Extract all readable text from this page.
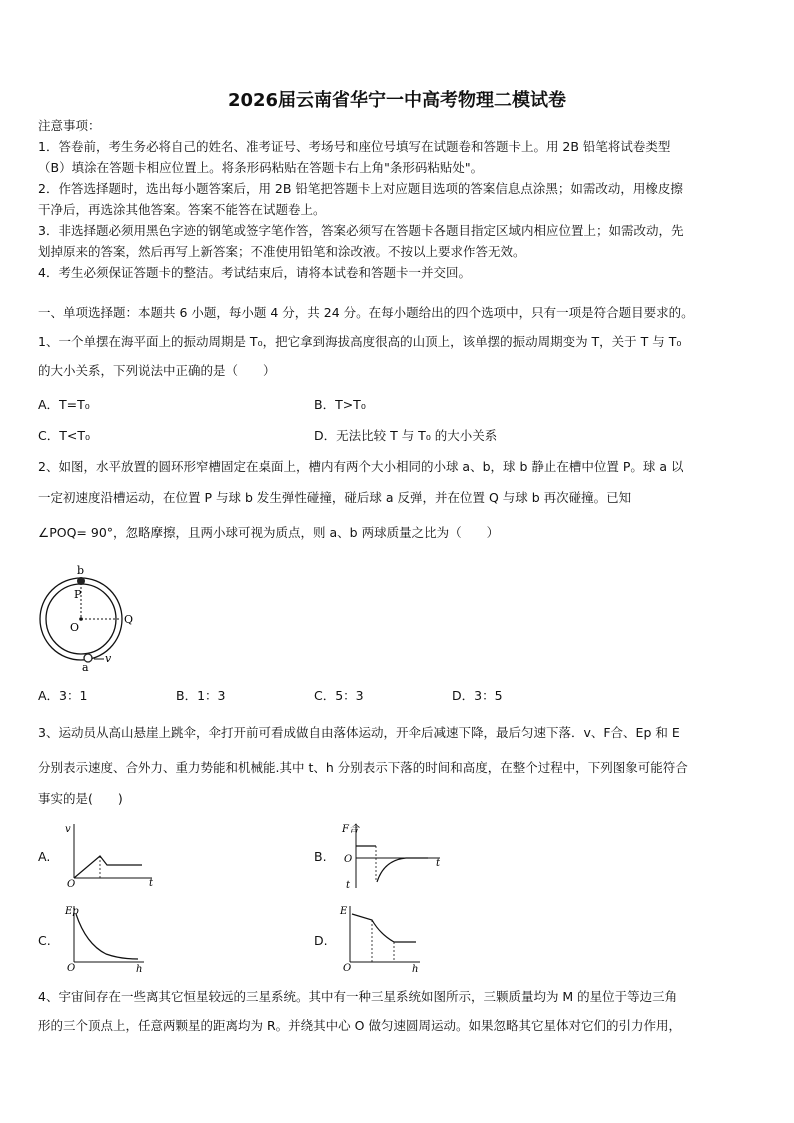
2026届云南省华宁一中高考物理二模试卷
注意事项：
1．答卷前，考生务必将自己的姓名、准考证号、考场号和座位号填写在试题卷和答题卡上。用 2B 铅笔将试卷类型
（B）填涂在答题卡相应位置上。将条形码粘贴在答题卡右上角"条形码粘贴处"。
2．作答选择题时，选出每小题答案后，用 2B 铅笔把答题卡上对应题目选项的答案信息点涂黑；如需改动，用橡皮擦
干净后，再选涂其他答案。答案不能答在试题卷上。
3．非选择题必须用黑色字迹的钢笔或签字笔作答，答案必须写在答题卡各题目指定区域内相应位置上；如需改动，先
划掉原来的答案，然后再写上新答案；不准使用铅笔和涂改液。不按以上要求作答无效。
4．考生必须保证答题卡的整洁。考试结束后，请将本试卷和答题卡一并交回。
一、单项选择题：本题共 6 小题，每小题 4 分，共 24 分。在每小题给出的四个选项中，只有一项是符合题目要求的。
1、一个单摆在海平面上的振动周期是 T₀，把它拿到海拔高度很高的山顶上，该单摆的振动周期变为 T，关于 T 与 T₀
的大小关系，下列说法中正确的是（　　）
A．T=T₀	B．T>T₀
C．T<T₀	D．无法比较 T 与 T₀ 的大小关系
2、如图，水平放置的圆环形窄槽固定在桌面上，槽内有两个大小相同的小球 a、b，球 b 静止在槽中位置 P。球 a 以
一定初速度沿槽运动，在位置 P 与球 b 发生弹性碰撞，碰后球 a 反弹，并在位置 Q 与球 b 再次碰撞。已知
∠POQ= 90°，忽略摩擦，且两小球可视为质点，则 a、b 两球质量之比为（　　）
b
P
O
Q
a
v
A．3：1	B．1：3	C．5：3	D．3：5
3、运动员从高山悬崖上跳伞，伞打开前可看成做自由落体运动，开伞后减速下降，最后匀速下落．v、F合、Ep 和 E
分别表示速度、合外力、重力势能和机械能.其中 t、h 分别表示下落的时间和高度，在整个过程中，下列图象可能符合
事实的是(　　)
A.
v
t
O
B.
F合
t
O
t
C.
Ep
h
O
D.
E
h
O
4、宇宙间存在一些离其它恒星较远的三星系统。其中有一种三星系统如图所示，三颗质量均为 M 的星位于等边三角
形的三个顶点上，任意两颗星的距离均为 R。并绕其中心 O 做匀速圆周运动。如果忽略其它星体对它们的引力作用，
